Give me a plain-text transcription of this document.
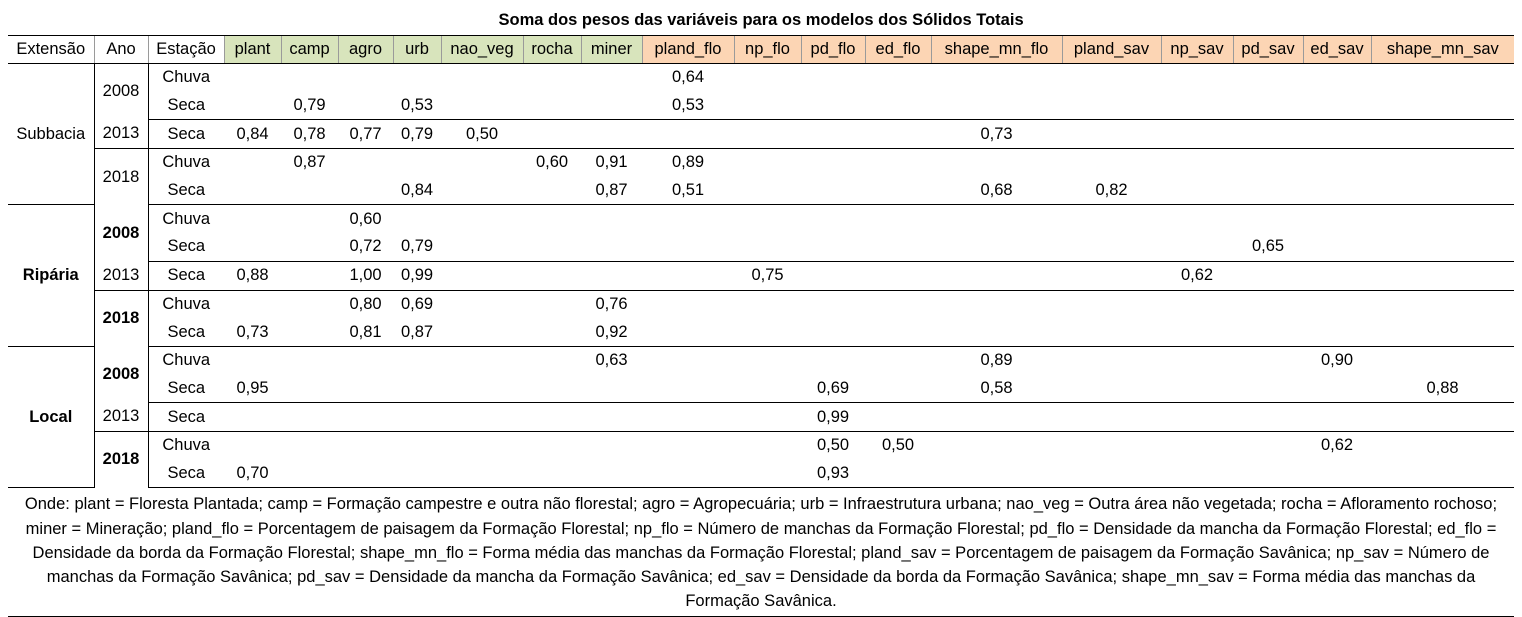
Soma dos pesos das variáveis para os modelos dos Sólidos Totais																			
Extensão	Ano	Estação	plant	camp	agro	urb	nao_veg	rocha	miner	pland_flo	np_flo	pd_flo	ed_flo	shape_mn_flo	pland_sav	np_sav	pd_sav	ed_sav	shape_mn_sav
Subbacia	2008	Chuva								0,64									
		Seca		0,79		0,53				0,53									
	2013	Seca	0,84	0,78	0,77	0,79	0,50							0,73					
	2018	Chuva		0,87				0,60	0,91	0,89									
		Seca				0,84			0,87	0,51				0,68	0,82				
Ripária	2008	Chuva			0,60														
		Seca			0,72	0,79											0,65		
	2013	Seca	0,88		1,00	0,99					0,75					0,62			
	2018	Chuva			0,80	0,69			0,76										
		Seca	0,73		0,81	0,87			0,92										
Local	2008	Chuva							0,63					0,89				0,90	
		Seca	0,95									0,69		0,58					0,88
	2013	Seca										0,99							
	2018	Chuva										0,50	0,50					0,62	
		Seca	0,70									0,93							
Onde: plant = Floresta Plantada; camp = Formação campestre e outra não florestal; agro = Agropecuária; urb = Infraestrutura urbana; nao_veg = Outra área não vegetada; rocha = Afloramento rochoso; miner = Mineração; pland_flo = Porcentagem de paisagem da Formação Florestal; np_flo = Número de manchas da Formação Florestal; pd_flo = Densidade da mancha da Formação Florestal; ed_flo = Densidade da borda da Formação Florestal; shape_mn_flo = Forma média das manchas da Formação Florestal; pland_sav = Porcentagem de paisagem da Formação Savânica; np_sav = Número de manchas da Formação Savânica; pd_sav = Densidade da mancha da Formação Savânica; ed_sav = Densidade da borda da Formação Savânica; shape_mn_sav = Forma média das manchas da Formação Savânica.
